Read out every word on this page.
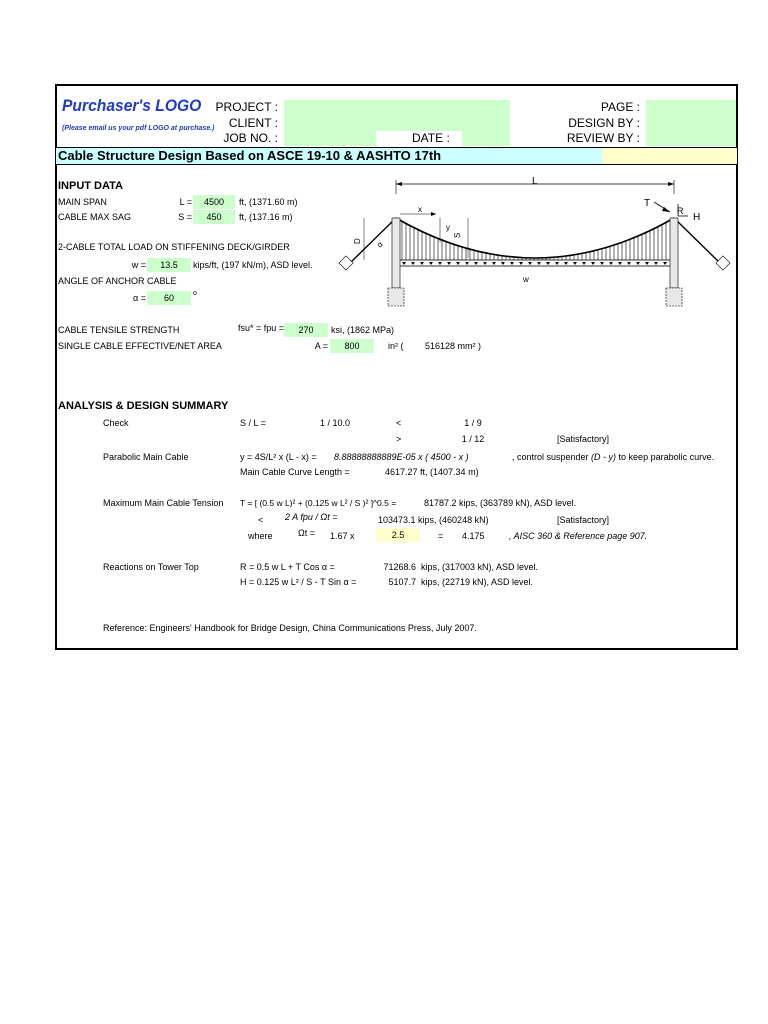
Purchaser's LOGO
(Please email us your pdf LOGO at purchase.)
PROJECT :
CLIENT :
JOB NO. :	DATE :
PAGE :
DESIGN BY :
REVIEW BY :
Cable Structure Design Based on ASCE 19-10 & AASHTO 17th
INPUT DATA
MAIN SPAN	L =	4500	ft, (1371.60 m)
CABLE MAX SAG	S =	450	ft, (137.16 m)
2-CABLE TOTAL LOAD ON STIFFENING DECK/GIRDER
w =	13.5	kips/ft, (197 kN/m), ASD level.
ANGLE OF ANCHOR CABLE
α =	60	o
CABLE TENSILE STRENGTH	fsu* = fpu =	270	ksi, (1862 MPa)
SINGLE CABLE EFFECTIVE/NET AREA	A =	800	in² ( 516128 mm² )
L
w
x
y
S
D α
T
R
H
ANALYSIS & DESIGN SUMMARY
Check	S / L =	1 / 10.0	<	1 / 9
>	1 / 12	[Satisfactory]
Parabolic Main Cable	y = 4S/L² x (L - x) = 8.88888888889E-05 x ( 4500 - x )	, control suspender (D - y) to keep parabolic curve.
Main Cable Curve Length =	4617.27 ft, (1407.34 m)
Maximum Main Cable Tension T = [ (0.5 w L)² + (0.125 w L² / S )² ]^0.5 =	81787.2 kips, (363789 kN), ASD level.
< 2 A fpu / Ωt =	103473.1 kips, (460248 kN)	[Satisfactory]
where	Ωt = 1.67 x	2.5	= 4.175	, AISC 360 & Reference page 907.
Reactions on Tower Top	R = 0.5 w L + T Cos α =	71268.6 kips, (317003 kN), ASD level.
H = 0.125 w L² / S - T Sin α =	5107.7 kips, (22719 kN), ASD level.
Reference: Engineers' Handbook for Bridge Design, China Communications Press, July 2007.
